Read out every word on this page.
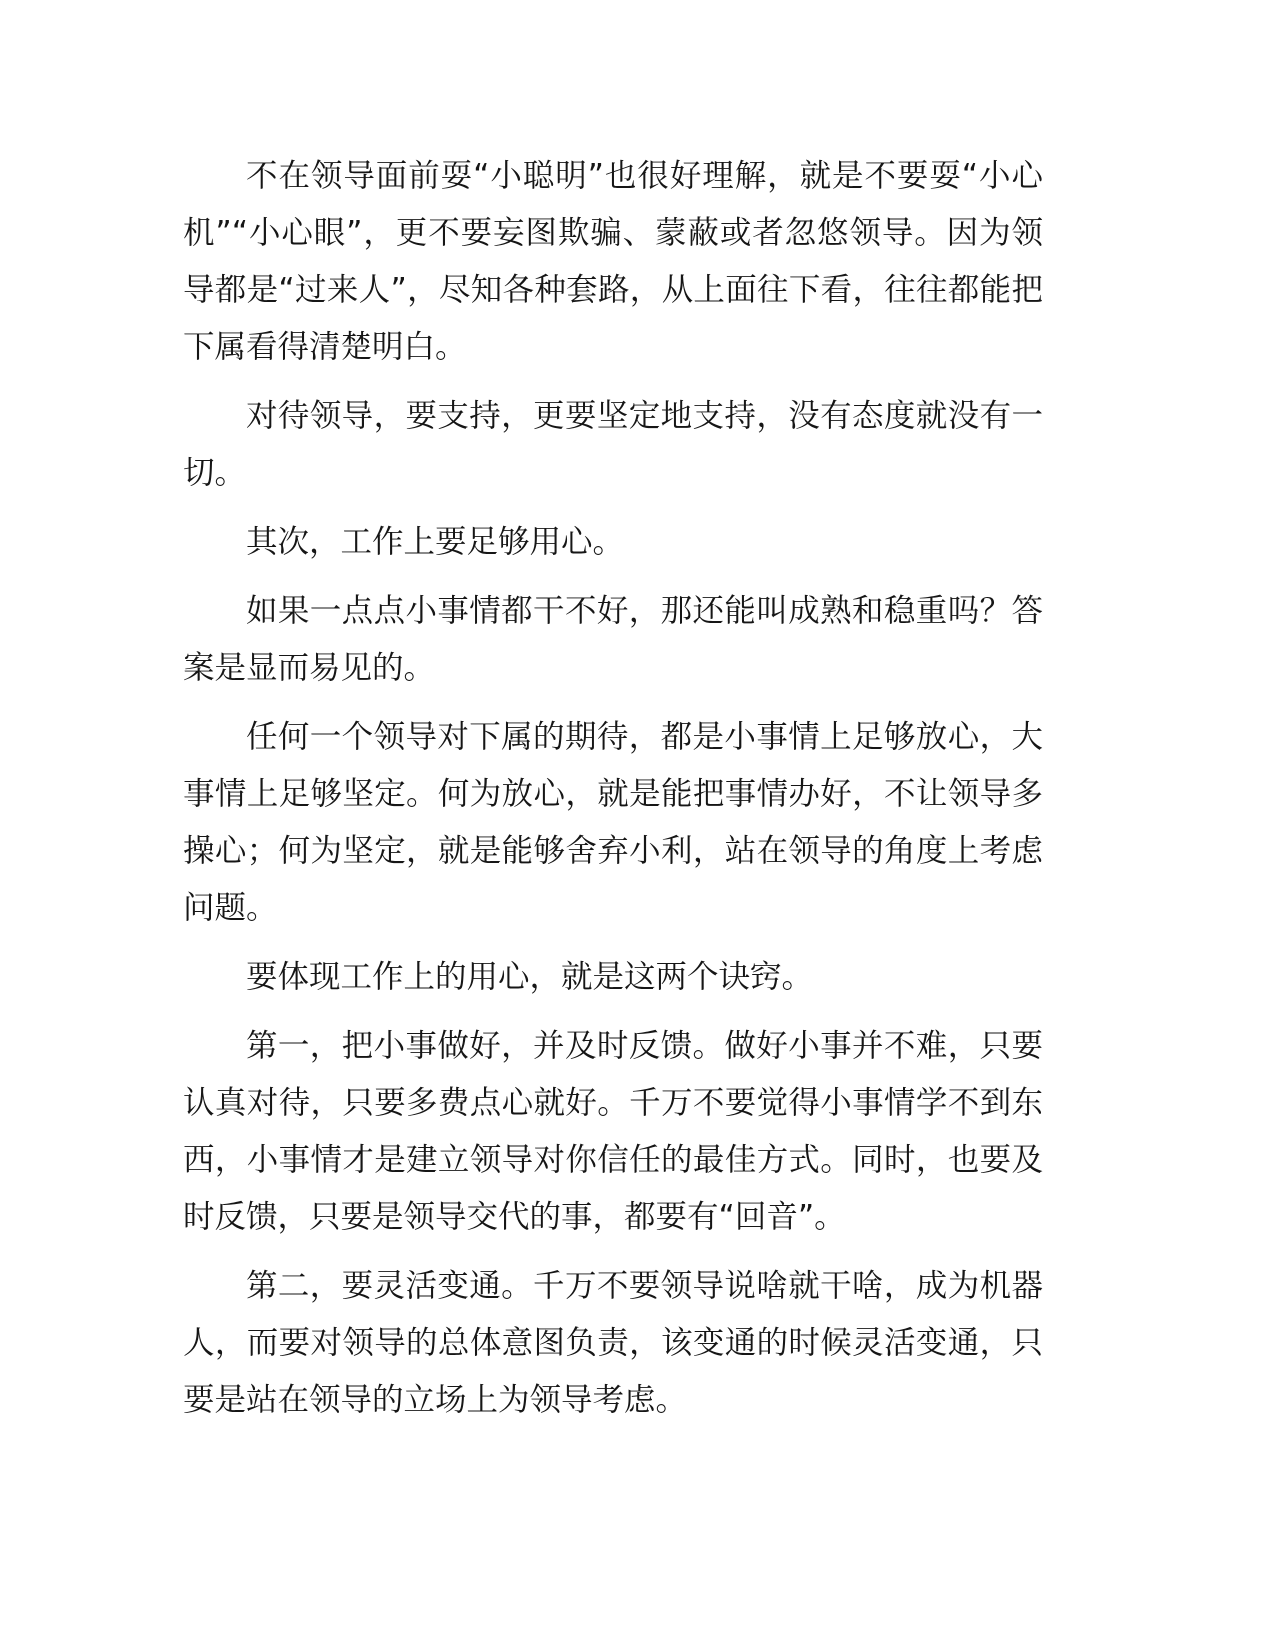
不在领导面前耍“小聪明”也很好理解，就是不要耍“小心机”“小心眼”，更不要妄图欺骗、蒙蔽或者忽悠领导。因为领导都是“过来人”，尽知各种套路，从上面往下看，往往都能把下属看得清楚明白。

对待领导，要支持，更要坚定地支持，没有态度就没有一切。

其次，工作上要足够用心。

如果一点点小事情都干不好，那还能叫成熟和稳重吗？答案是显而易见的。

任何一个领导对下属的期待，都是小事情上足够放心，大事情上足够坚定。何为放心，就是能把事情办好，不让领导多操心；何为坚定，就是能够舍弃小利，站在领导的角度上考虑问题。

要体现工作上的用心，就是这两个诀窍。

第一，把小事做好，并及时反馈。做好小事并不难，只要认真对待，只要多费点心就好。千万不要觉得小事情学不到东西，小事情才是建立领导对你信任的最佳方式。同时，也要及时反馈，只要是领导交代的事，都要有“回音”。

第二，要灵活变通。千万不要领导说啥就干啥，成为机器人，而要对领导的总体意图负责，该变通的时候灵活变通，只要是站在领导的立场上为领导考虑。
